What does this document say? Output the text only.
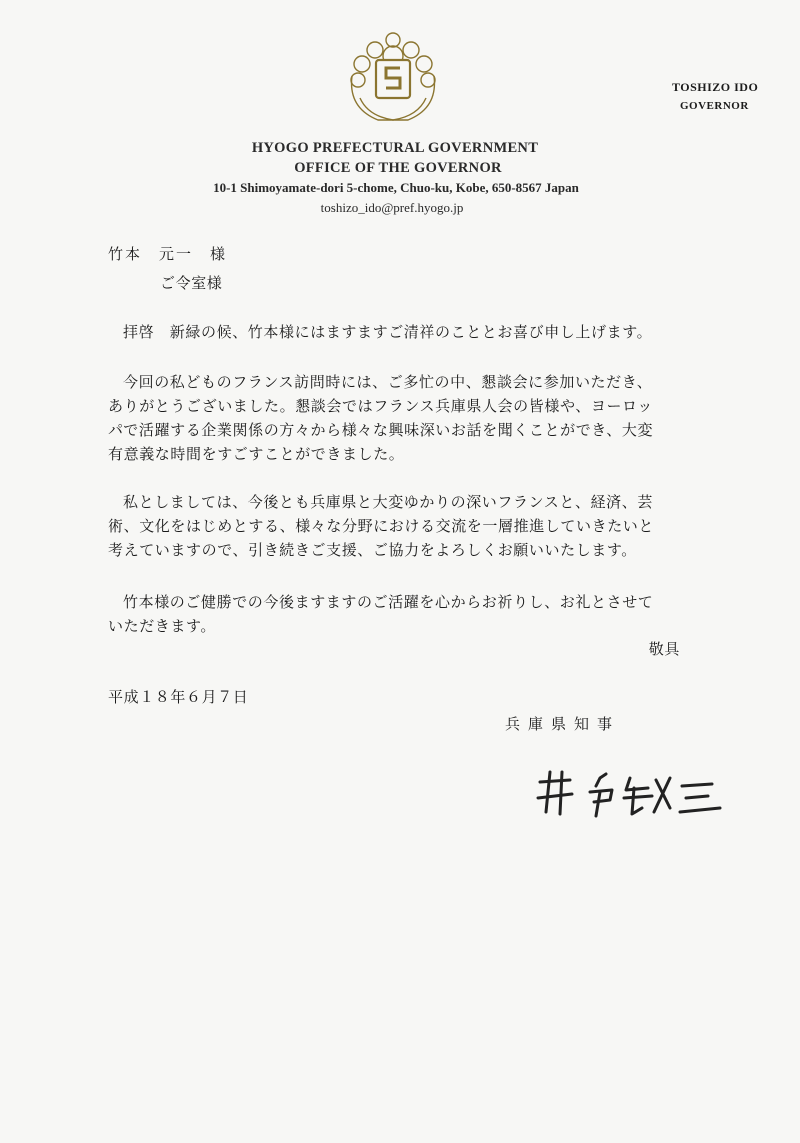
TOSHIZO IDO
GOVERNOR
HYOGO PREFECTURAL GOVERNMENT
OFFICE OF THE GOVERNOR
10-1 Shimoyamate-dori 5-chome, Chuo-ku, Kobe, 650-8567 Japan
toshizo_ido@pref.hyogo.jp
竹本　元一　様
ご令室様
拝啓　新緑の候、竹本様にはますますご清祥のこととお喜び申し上げます。
今回の私どものフランス訪問時には、ご多忙の中、懇談会に参加いただき、
ありがとうございました。懇談会ではフランス兵庫県人会の皆様や、ヨーロッ
パで活躍する企業関係の方々から様々な興味深いお話を聞くことができ、大変
有意義な時間をすごすことができました。
私としましては、今後とも兵庫県と大変ゆかりの深いフランスと、経済、芸
術、文化をはじめとする、様々な分野における交流を一層推進していきたいと
考えていますので、引き続きご支援、ご協力をよろしくお願いいたします。
竹本様のご健勝での今後ますますのご活躍を心からお祈りし、お礼とさせて
いただきます。
敬具
平成１８年６月７日
兵庫県知事
